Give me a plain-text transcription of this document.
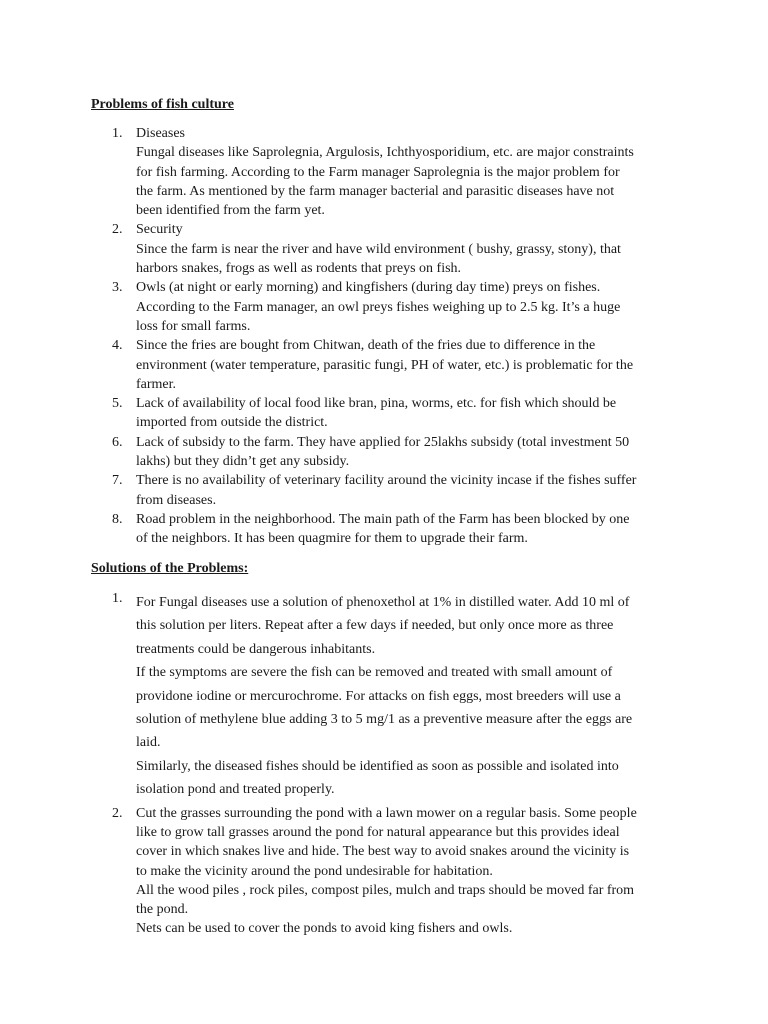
Problems of fish culture

1. Diseases
Fungal diseases like Saprolegnia, Argulosis, Ichthyosporidium, etc. are major constraints
for fish farming. According to the Farm manager Saprolegnia is the major problem for
the farm. As mentioned by the farm manager bacterial and parasitic diseases have not
been identified from the farm yet.
2. Security
Since the farm is near the river and have wild environment ( bushy, grassy, stony), that
harbors snakes, frogs as well as rodents that preys on fish.
3. Owls (at night or early morning) and kingfishers (during day time) preys on fishes.
According to the Farm manager, an owl preys fishes weighing up to 2.5 kg. It’s a huge
loss for small farms.
4. Since the fries are bought from Chitwan, death of the fries due to difference in the
environment (water temperature, parasitic fungi, PH of water, etc.) is problematic for the
farmer.
5. Lack of availability of local food like bran, pina, worms, etc. for fish which should be
imported from outside the district.
6. Lack of subsidy to the farm. They have applied for 25lakhs subsidy (total investment 50
lakhs) but they didn’t get any subsidy.
7. There is no availability of veterinary facility around the vicinity incase if the fishes suffer
from diseases.
8. Road problem in the neighborhood. The main path of the Farm has been blocked by one
of the neighbors. It has been quagmire for them to upgrade their farm.

Solutions of the Problems:

1. For Fungal diseases use a solution of phenoxethol at 1% in distilled water. Add 10 ml of
this solution per liters. Repeat after a few days if needed, but only once more as three
treatments could be dangerous inhabitants.
If the symptoms are severe the fish can be removed and treated with small amount of
providone iodine or mercurochrome. For attacks on fish eggs, most breeders will use a
solution of methylene blue adding 3 to 5 mg/1 as a preventive measure after the eggs are
laid.
Similarly, the diseased fishes should be identified as soon as possible and isolated into
isolation pond and treated properly.
2. Cut the grasses surrounding the pond with a lawn mower on a regular basis. Some people
like to grow tall grasses around the pond for natural appearance but this provides ideal
cover in which snakes live and hide. The best way to avoid snakes around the vicinity is
to make the vicinity around the pond undesirable for habitation.
All the wood piles , rock piles, compost piles, mulch and traps should be moved far from
the pond.
Nets can be used to cover the ponds to avoid king fishers and owls.
